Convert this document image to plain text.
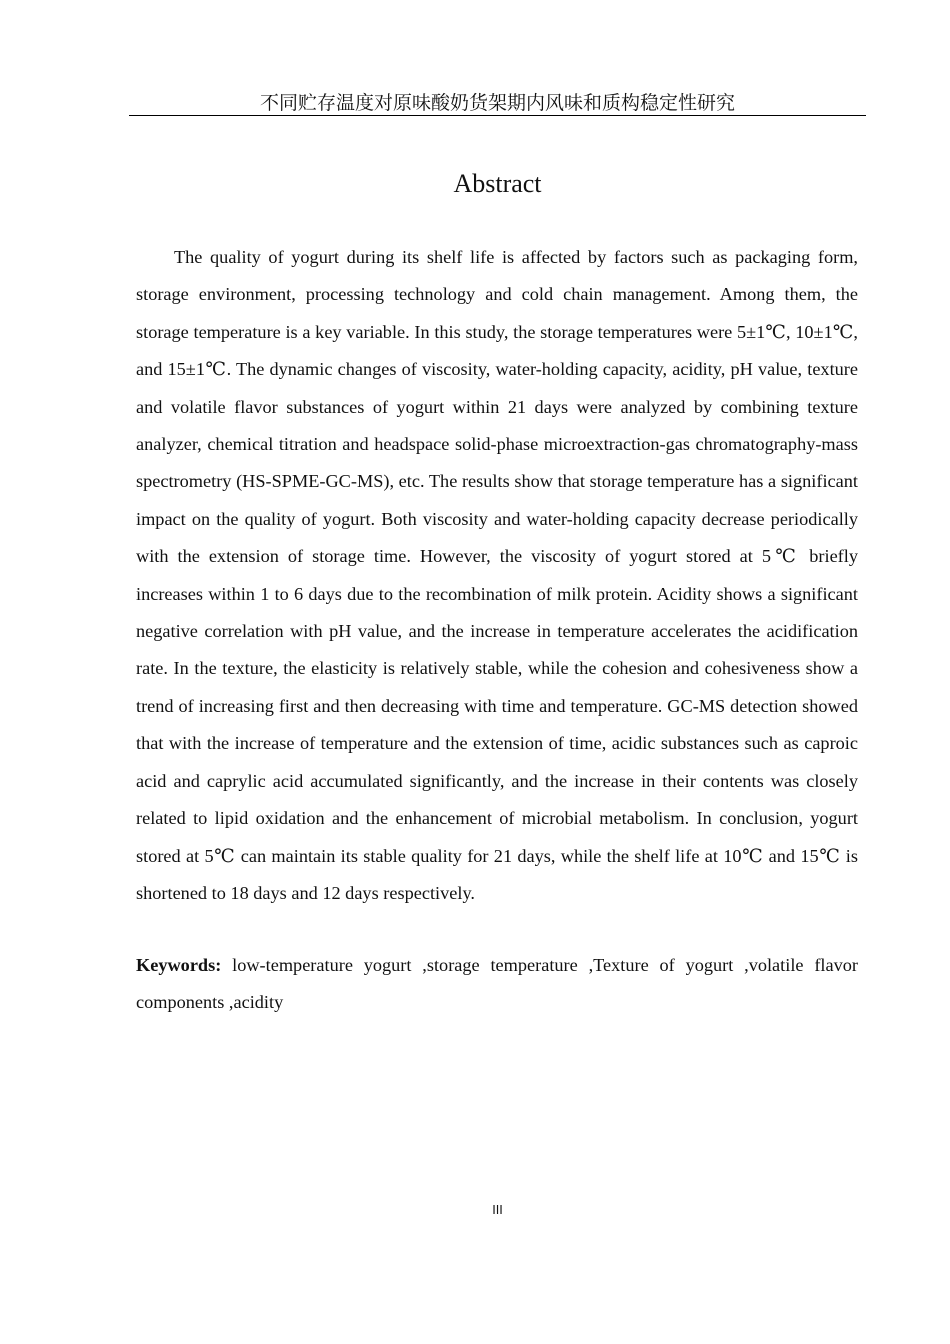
不同贮存温度对原味酸奶货架期内风味和质构稳定性研究
Abstract

The quality of yogurt during its shelf life is affected by factors such as packaging form, storage environment, processing technology and cold chain management. Among them, the storage temperature is a key variable. In this study, the storage temperatures were 5±1℃, 10±1℃, and 15±1℃. The dynamic changes of viscosity, water-holding capacity, acidity, pH value, texture and volatile flavor substances of yogurt within 21 days were analyzed by combining texture analyzer, chemical titration and headspace solid-phase microextraction-gas chromatography-mass spectrometry (HS-SPME-GC-MS), etc. The results show that storage temperature has a significant impact on the quality of yogurt. Both viscosity and water-holding capacity decrease periodically with the extension of storage time. However, the viscosity of yogurt stored at 5℃ briefly increases within 1 to 6 days due to the recombination of milk protein. Acidity shows a significant negative correlation with pH value, and the increase in temperature accelerates the acidification rate. In the texture, the elasticity is relatively stable, while the cohesion and cohesiveness show a trend of increasing first and then decreasing with time and temperature. GC-MS detection showed that with the increase of temperature and the extension of time, acidic substances such as caproic acid and caprylic acid accumulated significantly, and the increase in their contents was closely related to lipid oxidation and the enhancement of microbial metabolism. In conclusion, yogurt stored at 5℃ can maintain its stable quality for 21 days, while the shelf life at 10℃ and 15℃ is shortened to 18 days and 12 days respectively.

Keywords: low-temperature yogurt ,storage temperature ,Texture of yogurt ,volatile flavor components ,acidity

III
